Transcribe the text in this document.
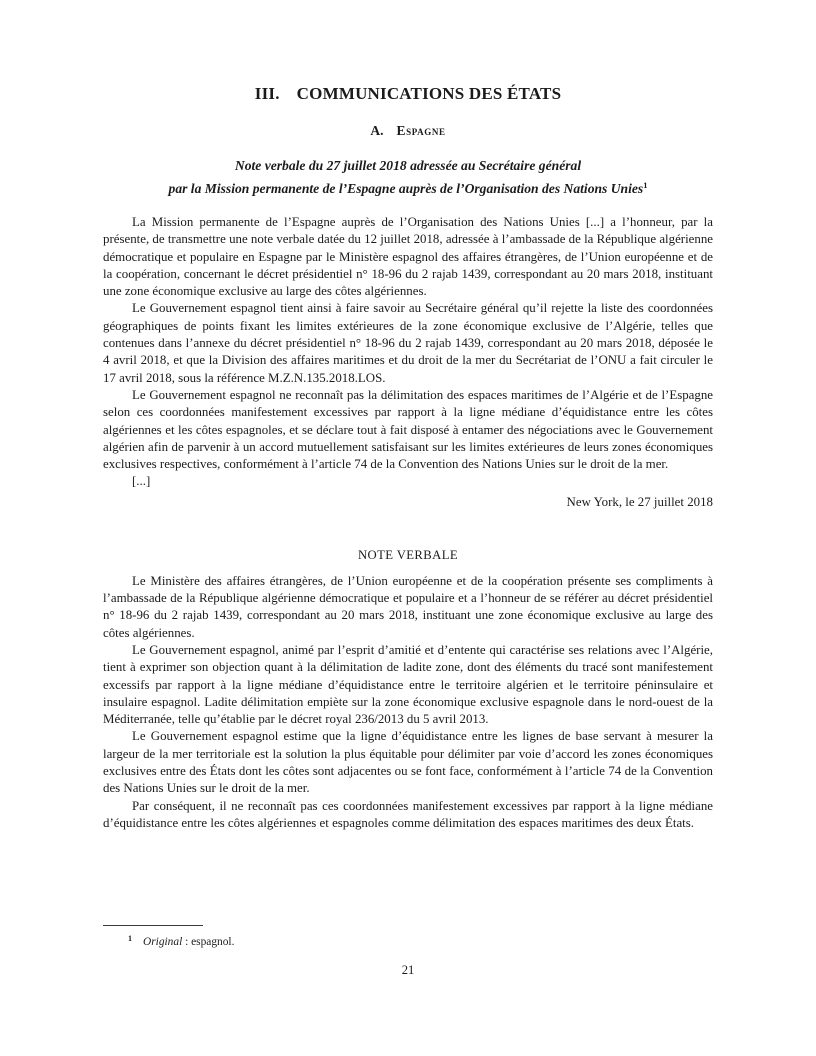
III. COMMUNICATIONS DES ÉTATS
A. Espagne
Note verbale du 27 juillet 2018 adressée au Secrétaire général
par la Mission permanente de l’Espagne auprès de l’Organisation des Nations Unies$^1$

La Mission permanente de l’Espagne auprès de l’Organisation des Nations Unies [...] a l’honneur, par la présente, de transmettre une note verbale datée du 12 juillet 2018, adressée à l’ambassade de la République algérienne démocratique et populaire en Espagne par le Ministère espagnol des affaires étrangères, de l’Union européenne et de la coopération, concernant le décret présidentiel n° 18-96 du 2 rajab 1439, correspondant au 20 mars 2018, instituant une zone économique exclusive au large des côtes algériennes.

Le Gouvernement espagnol tient ainsi à faire savoir au Secrétaire général qu’il rejette la liste des coordonnées géographiques de points fixant les limites extérieures de la zone économique exclusive de l’Algérie, telles que contenues dans l’annexe du décret présidentiel n° 18-96 du 2 rajab 1439, correspondant au 20 mars 2018, déposée le 4 avril 2018, et que la Division des affaires maritimes et du droit de la mer du Secrétariat de l’ONU a fait circuler le 17 avril 2018, sous la référence M.Z.N.135.2018.LOS.

Le Gouvernement espagnol ne reconnaît pas la délimitation des espaces maritimes de l’Algérie et de l’Espagne selon ces coordonnées manifestement excessives par rapport à la ligne médiane d’équidistance entre les côtes algériennes et les côtes espagnoles, et se déclare tout à fait disposé à entamer des négociations avec le Gouvernement algérien afin de parvenir à un accord mutuellement satisfaisant sur les limites extérieures de leurs zones économiques exclusives respectives, conformément à l’article 74 de la Convention des Nations Unies sur le droit de la mer.

[...]

New York, le 27 juillet 2018
NOTE VERBALE

Le Ministère des affaires étrangères, de l’Union européenne et de la coopération présente ses compliments à l’ambassade de la République algérienne démocratique et populaire et a l’honneur de se référer au décret présidentiel n° 18-96 du 2 rajab 1439, correspondant au 20 mars 2018, instituant une zone économique exclusive au large des côtes algériennes.

Le Gouvernement espagnol, animé par l’esprit d’amitié et d’entente qui caractérise ses relations avec l’Algérie, tient à exprimer son objection quant à la délimitation de ladite zone, dont des éléments du tracé sont manifestement excessifs par rapport à la ligne médiane d’équidistance entre le territoire algérien et le territoire péninsulaire et insulaire espagnol. Ladite délimitation empiète sur la zone économique exclusive espagnole dans le nord-ouest de la Méditerranée, telle qu’établie par le décret royal 236/2013 du 5 avril 2013.

Le Gouvernement espagnol estime que la ligne d’équidistance entre les lignes de base servant à mesurer la largeur de la mer territoriale est la solution la plus équitable pour délimiter par voie d’accord les zones économiques exclusives entre des États dont les côtes sont adjacentes ou se font face, conformément à l’article 74 de la Convention des Nations Unies sur le droit de la mer.

Par conséquent, il ne reconnaît pas ces coordonnées manifestement excessives par rapport à la ligne médiane d’équidistance entre les côtes algériennes et espagnoles comme délimitation des espaces maritimes des deux États.

$^1$ Original : espagnol.
21
